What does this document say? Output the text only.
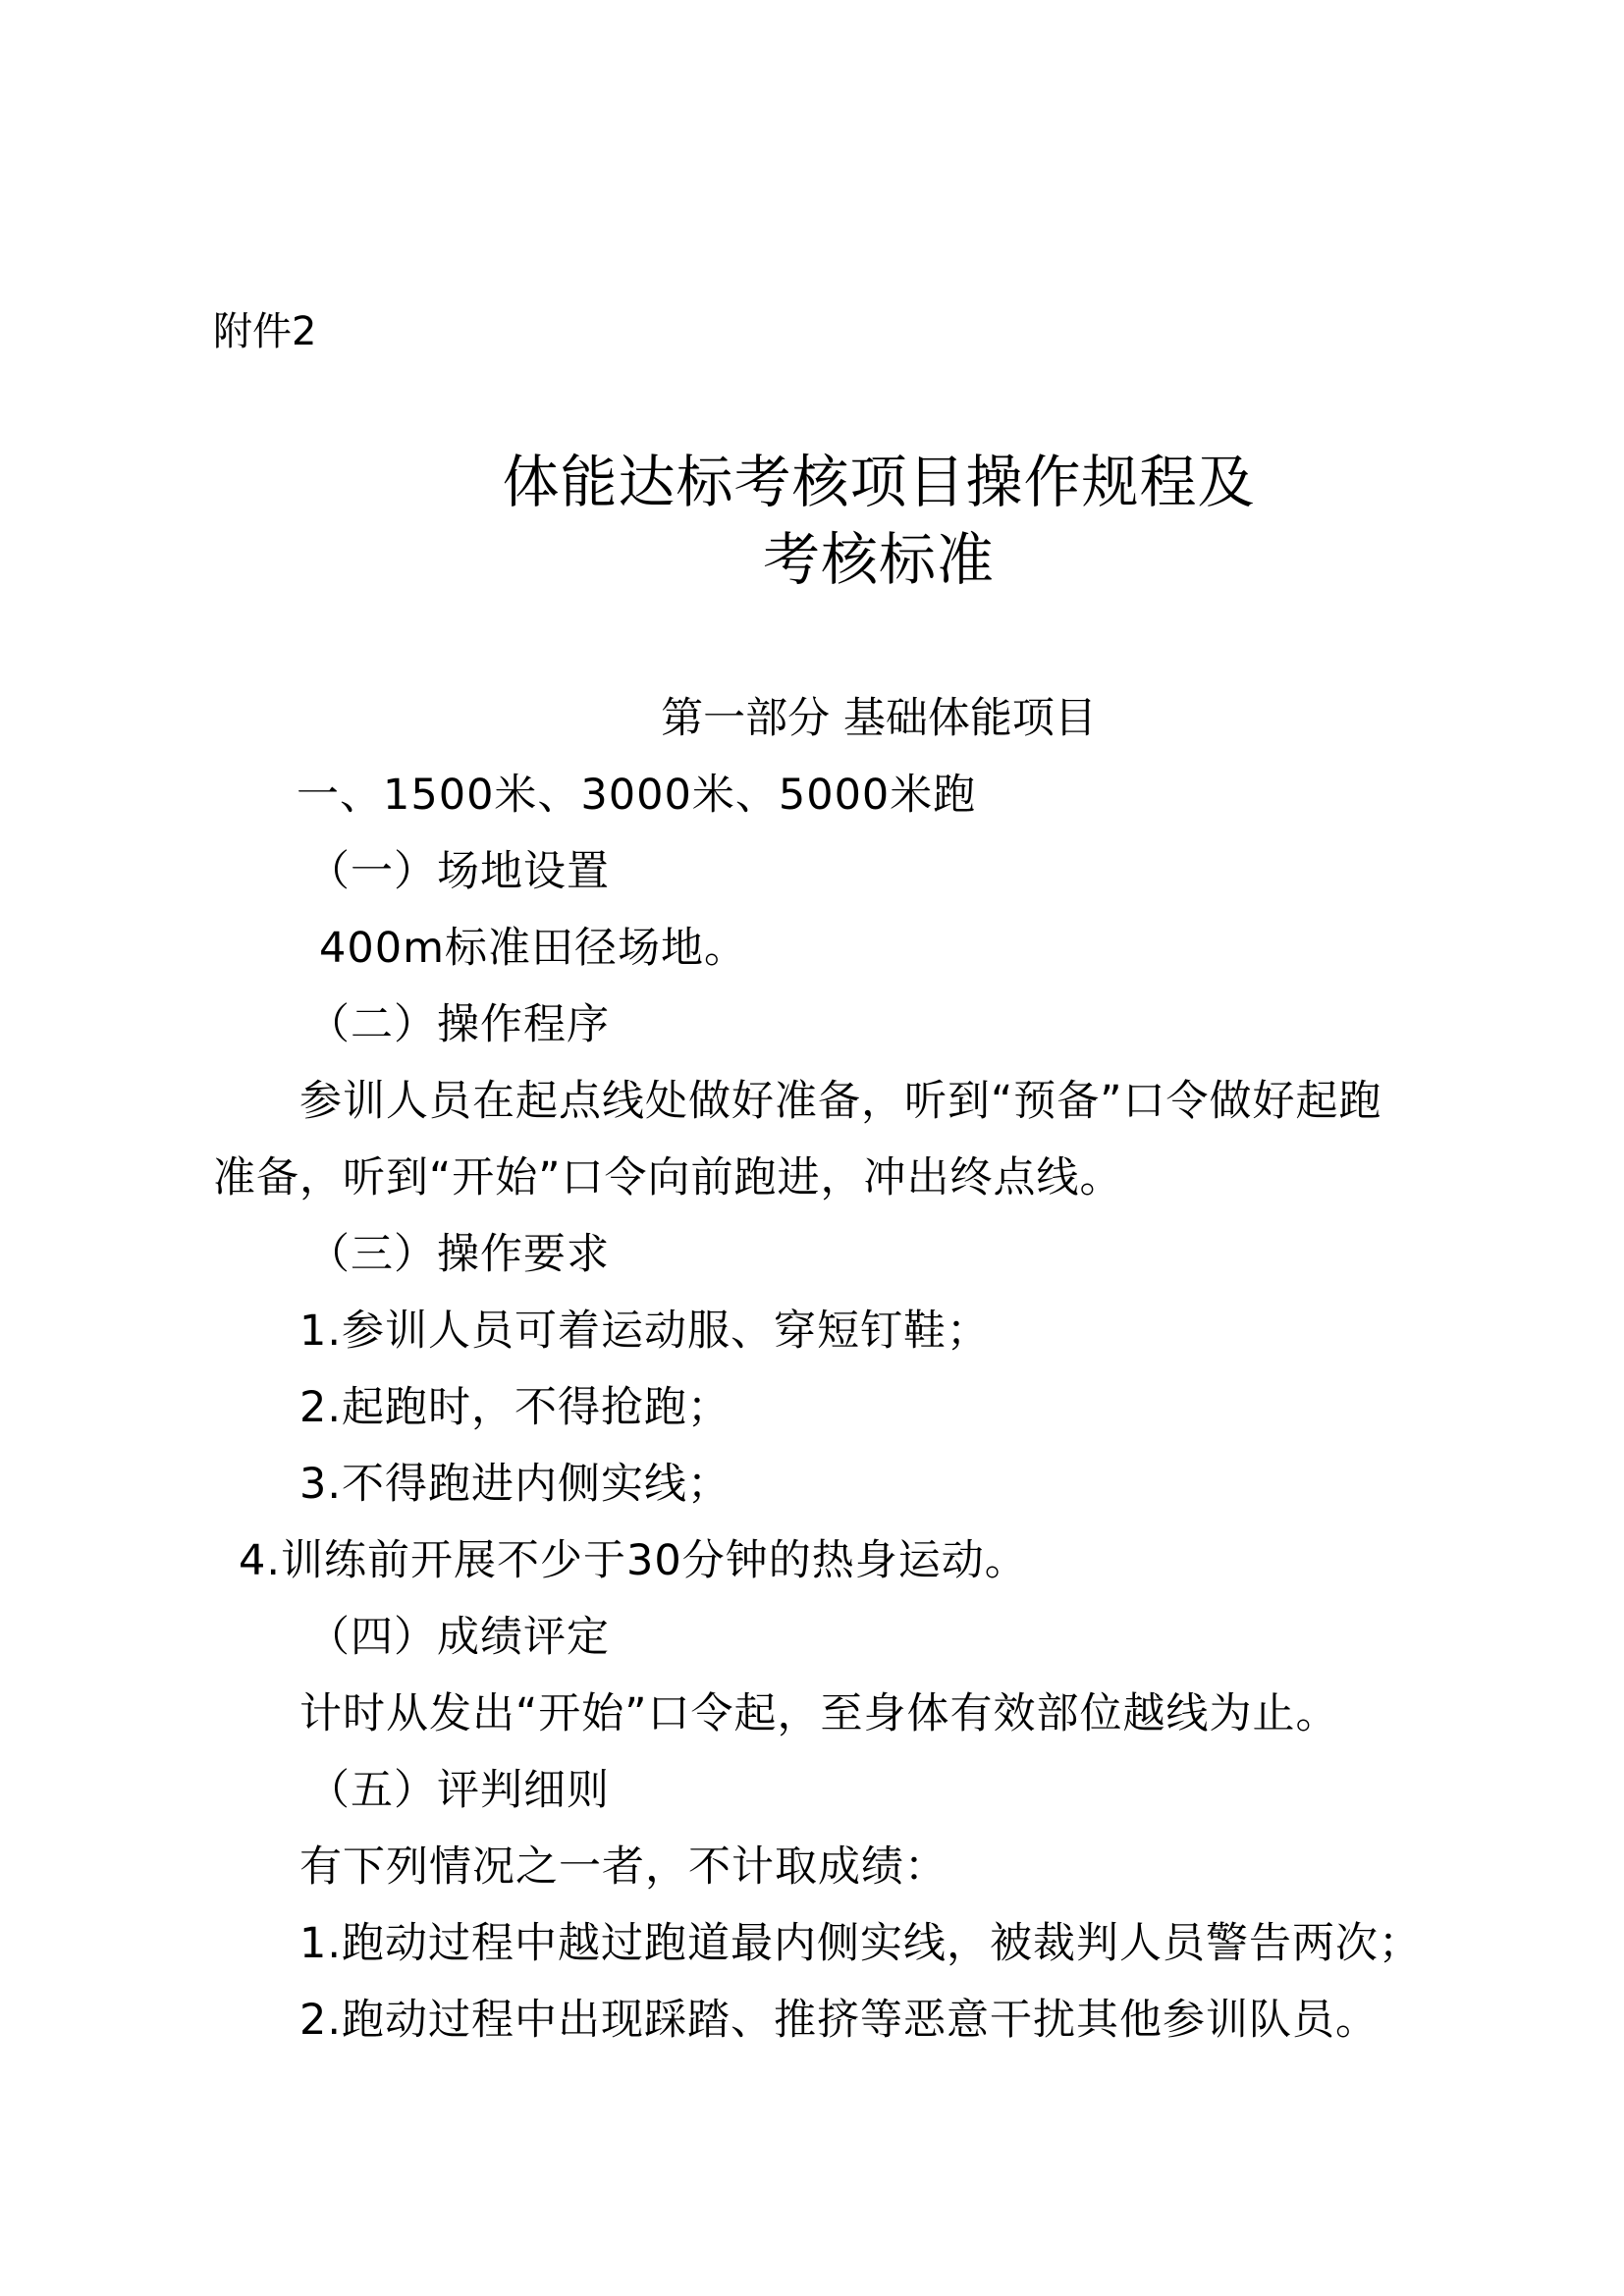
附件2
体能达标考核项目操作规程及
考核标准
第一部分 基础体能项目
一、1500米、3000米、5000米跑
（一）场地设置
400m标准田径场地。
（二）操作程序
参训人员在起点线处做好准备，听到“预备”口令做好起跑
准备，听到“开始”口令向前跑进，冲出终点线。
（三）操作要求
1.参训人员可着运动服、穿短钉鞋；
2.起跑时，不得抢跑；
3.不得跑进内侧实线；
4.训练前开展不少于30分钟的热身运动。
（四）成绩评定
计时从发出“开始”口令起，至身体有效部位越线为止。
（五）评判细则
有下列情况之一者，不计取成绩：
1.跑动过程中越过跑道最内侧实线，被裁判人员警告两次；
2.跑动过程中出现踩踏、推挤等恶意干扰其他参训队员。
